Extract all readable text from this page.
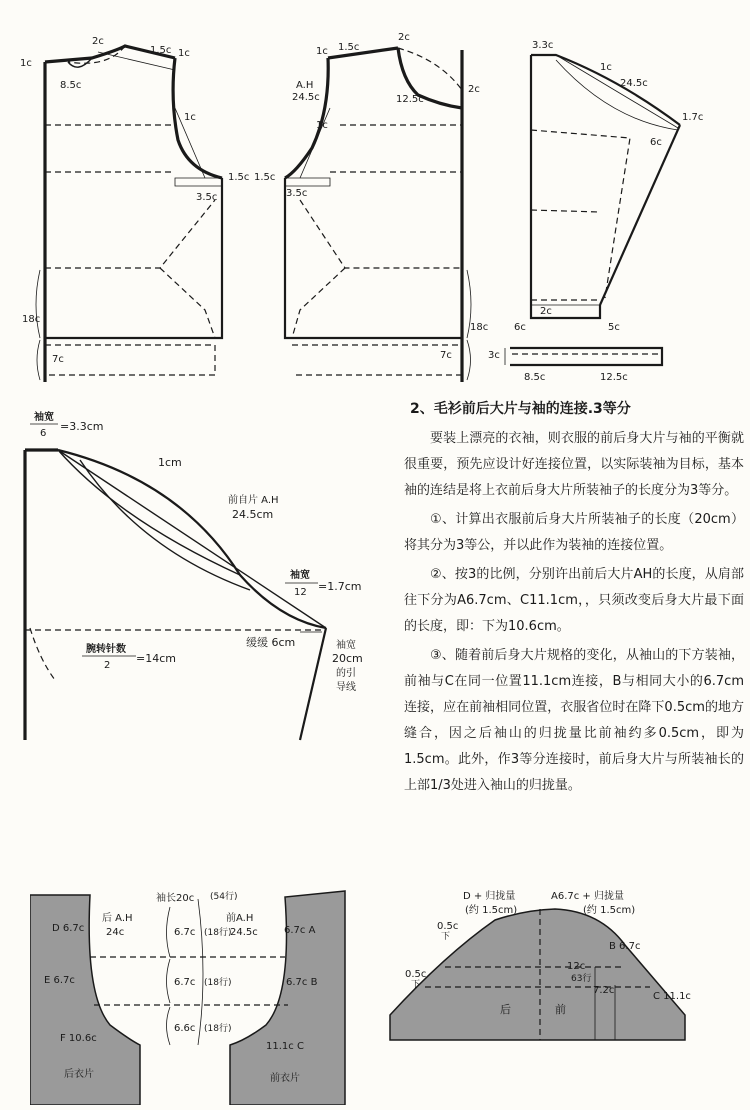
1c
2c
1.5c 1c
8.5c
1c
1.5c
3.5c
18c
7c
1c 1.5c
2c
2c
A.H
24.5c	12.5c
1c
1.5c
3.5c
18c
7c
3.3c
1c
24.5c
1.7c
6c
2c
6c	5c
3c
8.5c	12.5c
袖宽
6
=3.3cm
1cm
前自片 A.H
24.5cm
袖宽
12 =1.7cm
腕转针数
2
=14cm
缓缓 6cm	袖宽
20cm
的引
导线
2、毛衫前后大片与袖的连接.3等分

要装上漂亮的衣袖，则衣服的前后身大片与袖的平衡就很重要，预先应设计好连接位置，以实际装袖为目标，基本袖的连结是将上衣前后身大片所装袖子的长度分为3等分。

①、计算出衣服前后身大片所装袖子的长度（20cm）将其分为3等公，并以此作为装袖的连接位置。

②、按3的比例，分别许出前后大片AH的长度，从肩部往下分为A6.7cm、C11.1cm，，只须改变后身大片最下面的长度，即：下为10.6cm。

③、随着前后身大片规格的变化，从袖山的下方装袖，前袖与C在同一位置11.1cm连接，B与相同大小的6.7cm连接，应在前袖相同位置，衣服省位时在降下0.5cm的地方缝合，因之后袖山的归拢量比前袖约多0.5cm，即为1.5cm。此外，作3等分连接时，前后身大片与所装袖长的上部1/3处进入袖山的归拢量。

袖长20c (54行)
后 A.H
24c
前A.H
24.5c
D 6.7c
E 6.7c
F 10.6c
6.7c A
6.7c B
11.1c C
6.7c
6.7c
6.6c
(18行)
(18行)
(18行)
后衣片	前衣片
D + 归拢量
(约 1.5cm)
A6.7c + 归拢量
(约 1.5cm)
0.5c
下
0.5c
下
B 6.7c
C 11.1c
12c
63行
7.2c
后	前
